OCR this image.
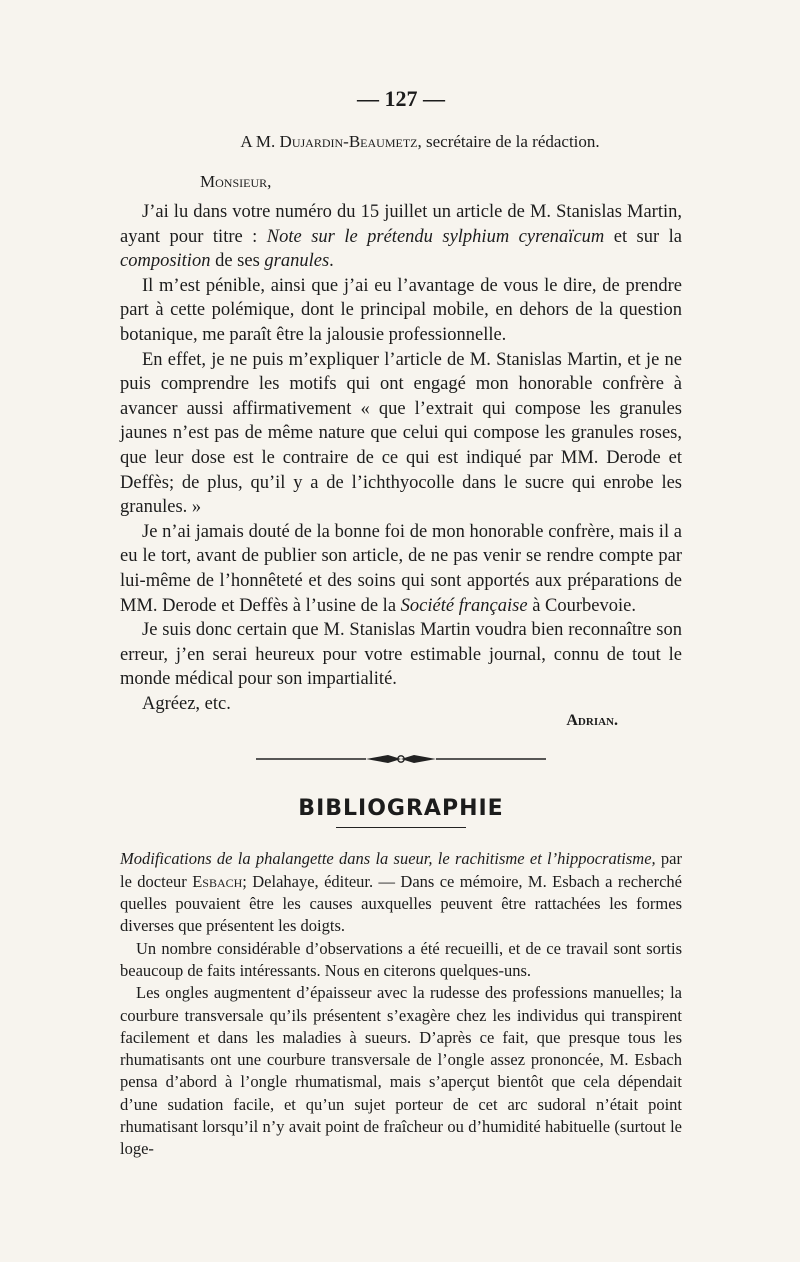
— 127 —
A M. Dujardin-Beaumetz, secrétaire de la rédaction.
Monsieur,

J’ai lu dans votre numéro du 15 juillet un article de M. Stanislas Martin, ayant pour titre : Note sur le prétendu sylphium cyrenaïcum et sur la composition de ses granules.

Il m’est pénible, ainsi que j’ai eu l’avantage de vous le dire, de prendre part à cette polémique, dont le principal mobile, en dehors de la question botanique, me paraît être la jalousie professionnelle.

En effet, je ne puis m’expliquer l’article de M. Stanislas Martin, et je ne puis comprendre les motifs qui ont engagé mon honorable confrère à avancer aussi affirmativement « que l’extrait qui compose les granules jaunes n’est pas de même nature que celui qui compose les granules roses, que leur dose est le contraire de ce qui est indiqué par MM. Derode et Deffès; de plus, qu’il y a de l’ichthyocolle dans le sucre qui enrobe les granules. »

Je n’ai jamais douté de la bonne foi de mon honorable confrère, mais il a eu le tort, avant de publier son article, de ne pas venir se rendre compte par lui-même de l’honnêteté et des soins qui sont apportés aux préparations de MM. Derode et Deffès à l’usine de la Société française à Courbevoie.

Je suis donc certain que M. Stanislas Martin voudra bien reconnaître son erreur, j’en serai heureux pour votre estimable journal, connu de tout le monde médical pour son impartialité.

Agréez, etc.
Adrian.
BIBLIOGRAPHIE

Modifications de la phalangette dans la sueur, le rachitisme et l’hippocratisme, par le docteur Esbach; Delahaye, éditeur. — Dans ce mémoire, M. Esbach a recherché quelles pouvaient être les causes auxquelles peuvent être rattachées les formes diverses que présentent les doigts.

Un nombre considérable d’observations a été recueilli, et de ce travail sont sortis beaucoup de faits intéressants. Nous en citerons quelques-uns.

Les ongles augmentent d’épaisseur avec la rudesse des professions manuelles; la courbure transversale qu’ils présentent s’exagère chez les individus qui transpirent facilement et dans les maladies à sueurs. D’après ce fait, que presque tous les rhumatisants ont une courbure transversale de l’ongle assez prononcée, M. Esbach pensa d’abord à l’ongle rhumatismal, mais s’aperçut bientôt que cela dépendait d’une sudation facile, et qu’un sujet porteur de cet arc sudoral n’était point rhumatisant lorsqu’il n’y avait point de fraîcheur ou d’humidité habituelle (surtout le loge-
